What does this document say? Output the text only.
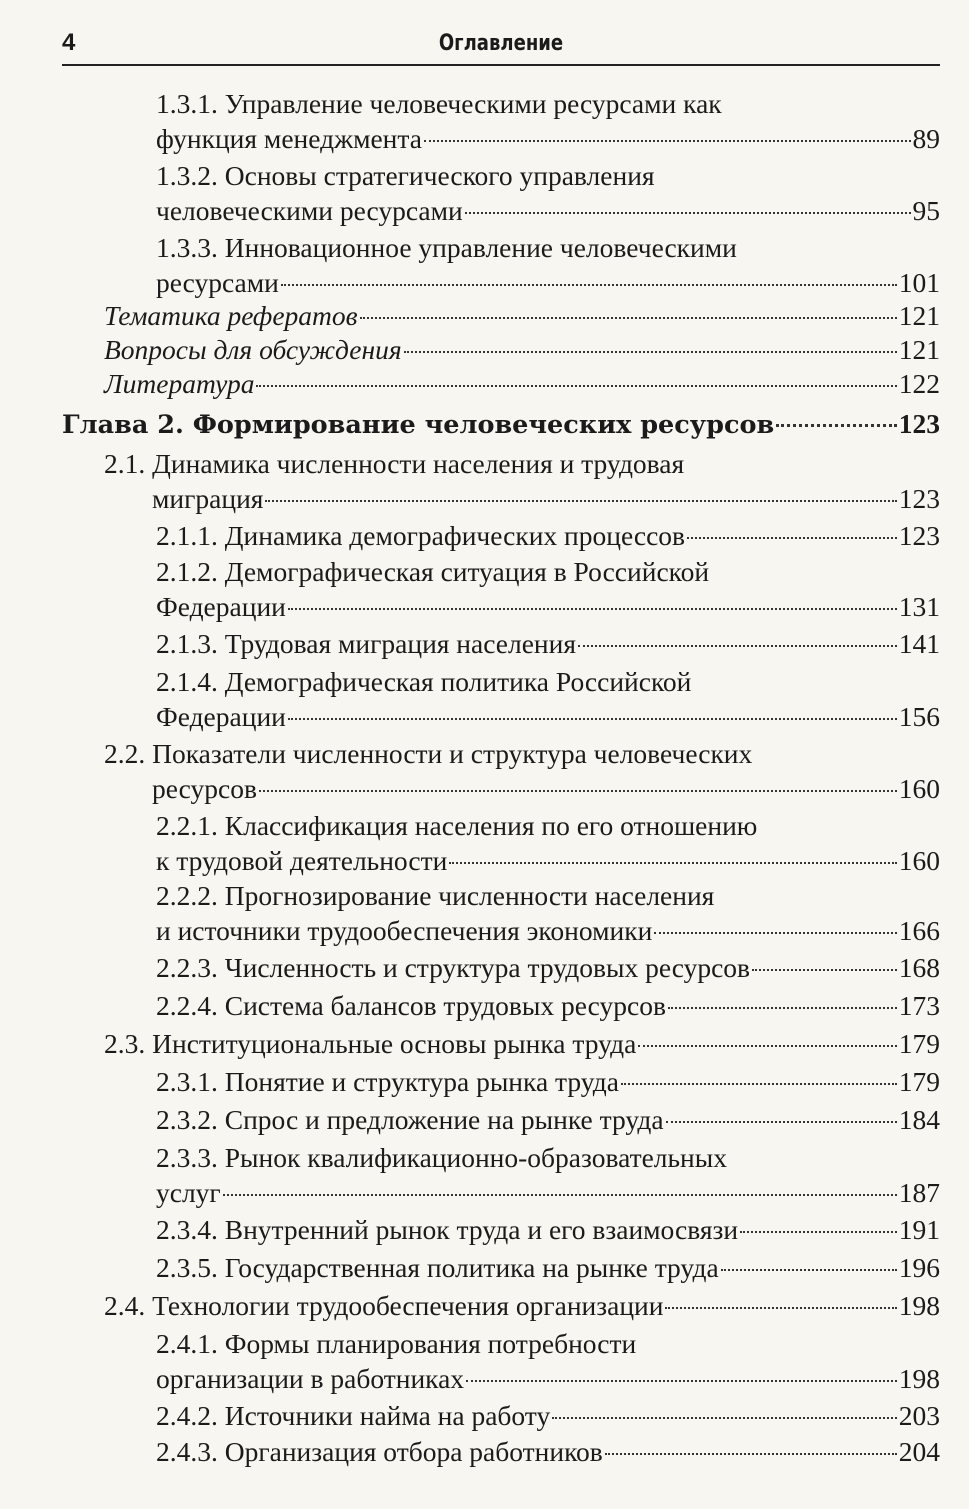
4	Оглавление
1.3.1. Управление человеческими ресурсами как
функция менеджмента	89
1.3.2. Основы стратегического управления
человеческими ресурсами	95
1.3.3. Инновационное управление человеческими
ресурсами	101
Тематика рефератов	121
Вопросы для обсуждения	121
Литература	122
Глава 2. Формирование человеческих ресурсов	123
2.1. Динамика численности населения и трудовая
миграция	123
2.1.1. Динамика демографических процессов	123
2.1.2. Демографическая ситуация в Российской
Федерации	131
2.1.3. Трудовая миграция населения	141
2.1.4. Демографическая политика Российской
Федерации	156
2.2. Показатели численности и структура человеческих
ресурсов	160
2.2.1. Классификация населения по его отношению
к трудовой деятельности	160
2.2.2. Прогнозирование численности населения
и источники трудообеспечения экономики	166
2.2.3. Численность и структура трудовых ресурсов	168
2.2.4. Система балансов трудовых ресурсов	173
2.3. Институциональные основы рынка труда	179
2.3.1. Понятие и структура рынка труда	179
2.3.2. Спрос и предложение на рынке труда	184
2.3.3. Рынок квалификационно-образовательных
услуг	187
2.3.4. Внутренний рынок труда и его взаимосвязи	191
2.3.5. Государственная политика на рынке труда	196
2.4. Технологии трудообеспечения организации	198
2.4.1. Формы планирования потребности
организации в работниках	198
2.4.2. Источники найма на работу	203
2.4.3. Организация отбора работников	204
